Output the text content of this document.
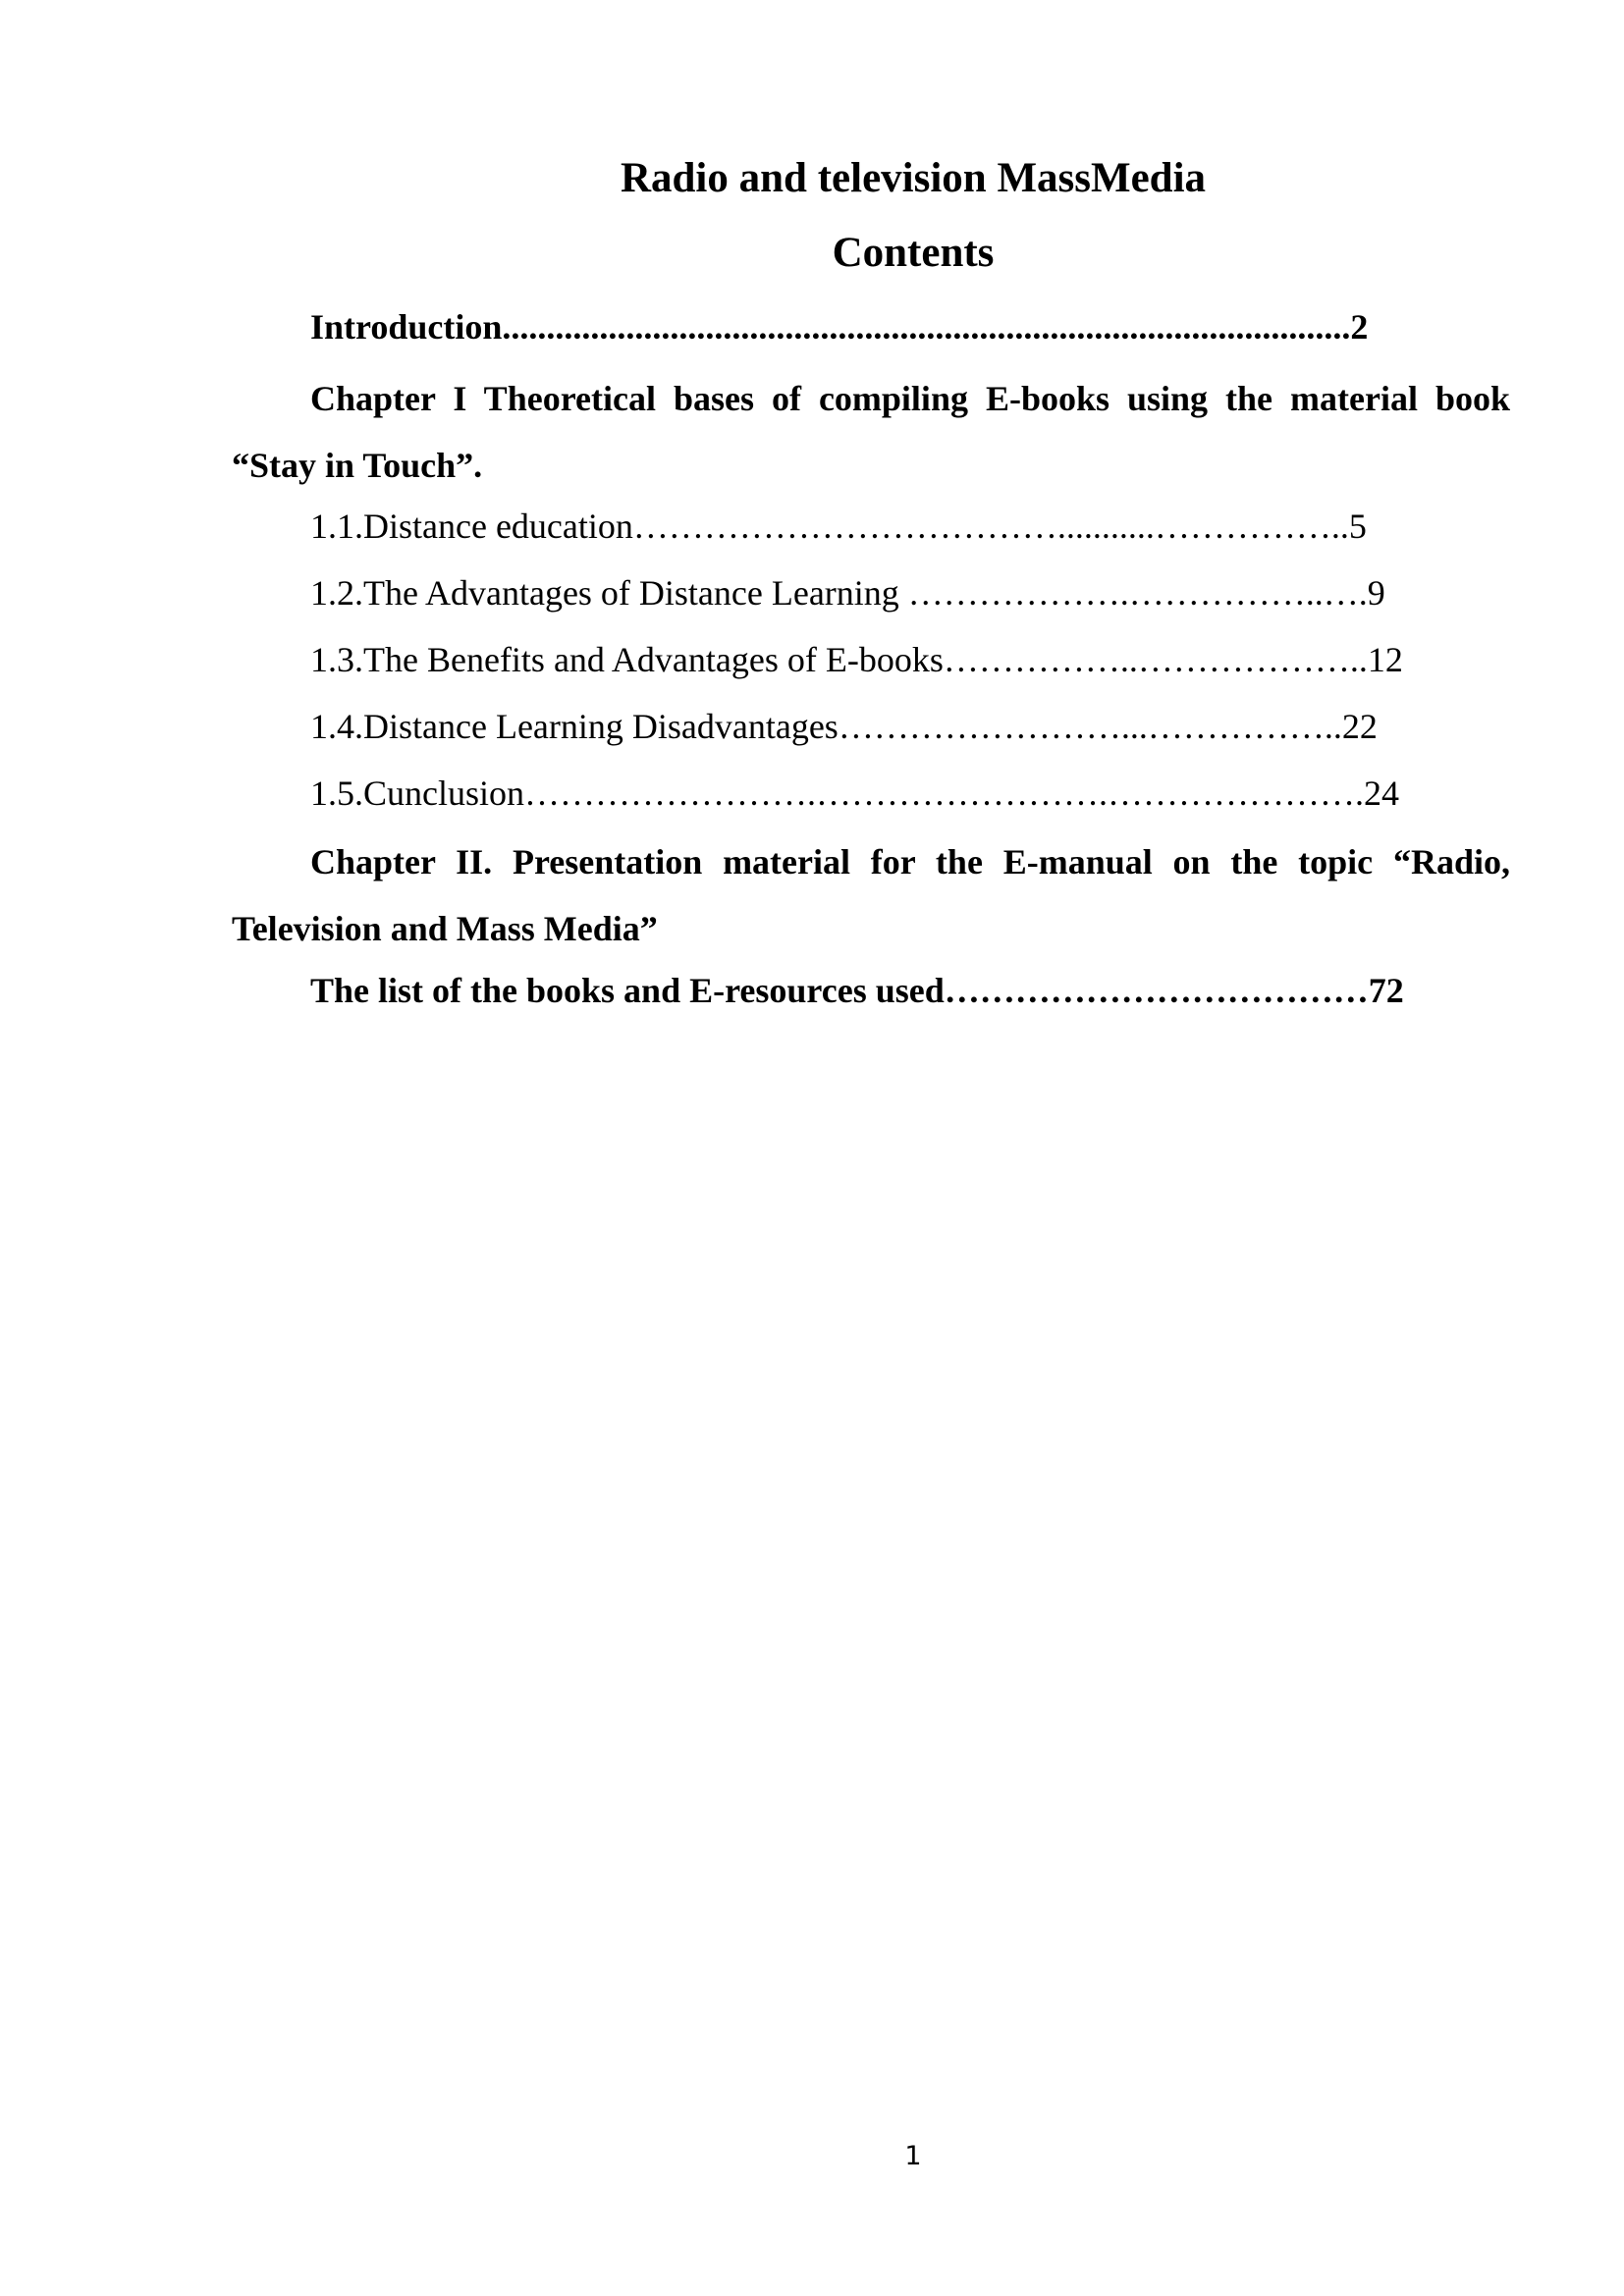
Radio and television MassMedia
Contents
Introduction................................................................................................2
Chapter I Theoretical bases of compiling E-books using the material book “Stay in Touch”.
1.1.Distance education………………………………...........……………..5
1.2.The Advantages of Distance Learning ……………….……………..….9
1.3.The Benefits and Advantages of E-books……………..………………..12
1.4.Distance Learning Disadvantages……………………...……………..22
1.5.Cunclusion…………………….…………………….………………….24
Chapter II. Presentation material for the E-manual on the topic “Radio, Television and Mass Media”
The list of the books and E-resources used………………………………72
1
